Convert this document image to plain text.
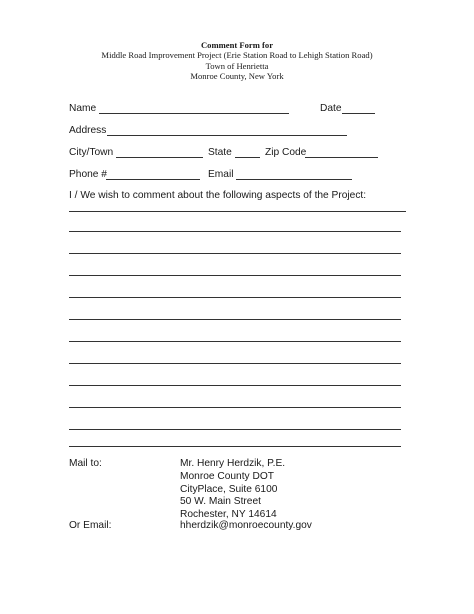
Comment Form for
Middle Road Improvement Project (Erie Station Road to Lehigh Station Road)
Town of Henrietta
Monroe County, New York
Name	Date
Address
City/Town	State	Zip Code
Phone #	Email
I / We wish to comment about the following aspects of the Project:
Mail to:	Mr. Henry Herdzik, P.E.
Monroe County DOT
CityPlace, Suite 6100
50 W. Main Street
Rochester, NY 14614
Or Email:	hherdzik@monroecounty.gov
